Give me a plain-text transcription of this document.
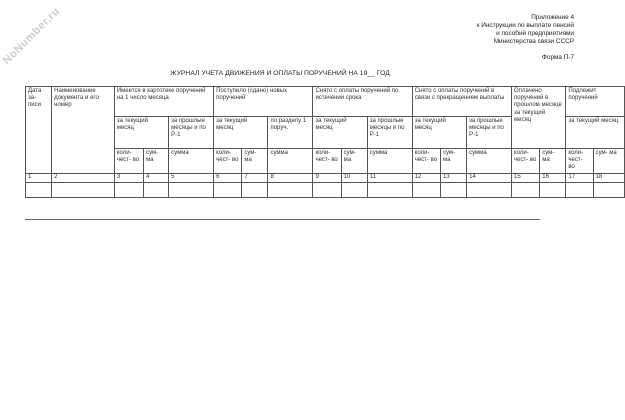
NoNumber.ru	Приложение 4
к Инструкции по выплате пенсий
и пособий предприятиями
Министерства связи СССР
Форма П-7
ЖУРНАЛ УЧЕТА ДВИЖЕНИЯ И ОПЛАТЫ ПОРУЧЕНИЙ НА 19__ ГОД
Дата за- писи	Наименование документа и его номер	Имеется в картотеке поручений на 1 число месяца			Поступило (сдано) новых поручений			Снято с оплаты поручений по истечении срока			Снято с оплаты поручений в связи с прекращением выплаты			Оплачено поручений в прошлом месяце за текущий месяц		Подлежит поручений	
		за текущий месяц		за прошлые месяцы и по Р-1	за текущий месяц		по разделу 1 поруч.	за текущий месяц		за прошлые месяцы и по Р-1	за текущий месяц		за прошлые месяцы и по Р-1			за текущий месяц	
		коли- чест- во	сум- ма	сумма	коли- чест- во	сум- ма	сумма	коли- чест- во	сум- ма	сумма	коли- чест- во	сум- ма	сумма	коли- чест- во	сум- ма	коли- чест- во	сум- ма
1	2	3	4	5	6	7	8	9	10	11	12	13	14	15	16	17	18
